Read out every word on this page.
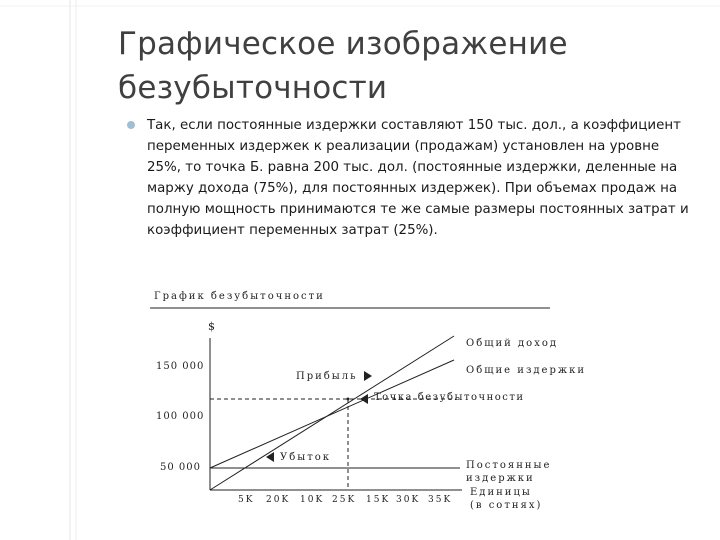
Графическое изображение безубыточности

Так, если постоянные издержки составляют 150 тыс. дол., а коэффициент переменных издержек к реализации (продажам) установлен на уровне 25%, то точка Б. равна 200 тыс. дол. (постоянные издержки, деленные на маржу дохода (75%), для постоянных издержек). При объемах продаж на полную мощность принимаются те же самые размеры постоянных затрат и коэффициент переменных затрат (25%).

График безубыточности
$
150 000
100 000
50 000
5K 20K 10K 25K 15K 30K 35K
Постоянные
издержки
Общие издержки
Общий доход
Точка безубыточности
Прибыль
Убыток
Единицы
(в сотнях)
